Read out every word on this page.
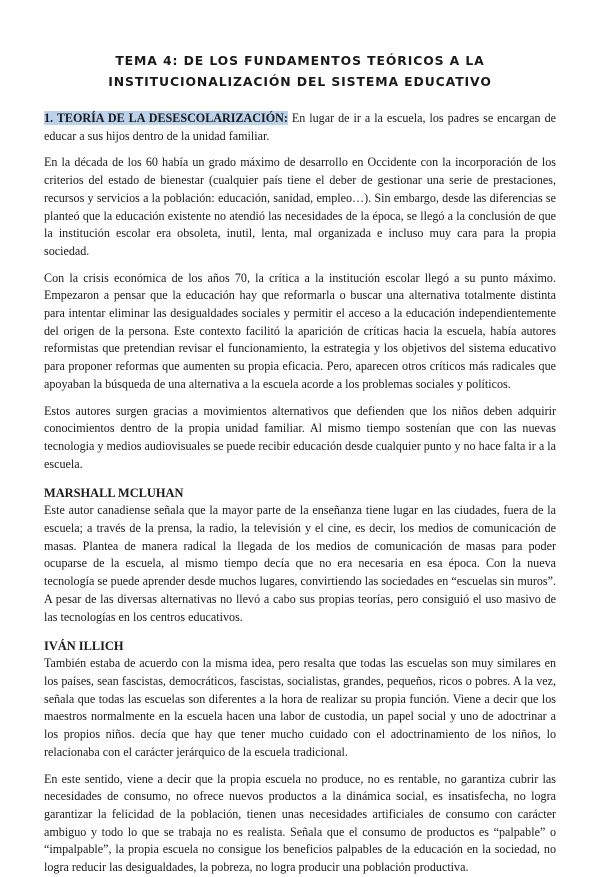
TEMA 4: DE LOS FUNDAMENTOS TEÓRICOS A LA
INSTITUCIONALIZACIÓN DEL SISTEMA EDUCATIVO

1. TEORÍA DE LA DESESCOLARIZACIÓN: En lugar de ir a la escuela, los padres se encargan de educar a sus hijos dentro de la unidad familiar.

En la década de los 60 había un grado máximo de desarrollo en Occidente con la incorporación de los criterios del estado de bienestar (cualquier país tiene el deber de gestionar una serie de prestaciones, recursos y servicios a la población: educación, sanidad, empleo…). Sin embargo, desde las diferencias se planteó que la educación existente no atendió las necesidades de la época, se llegó a la conclusión de que la institución escolar era obsoleta, inutil, lenta, mal organizada e incluso muy cara para la propia sociedad.

Con la crisis económica de los años 70, la crítica a la institución escolar llegó a su punto máximo. Empezaron a pensar que la educación hay que reformarla o buscar una alternativa totalmente distinta para intentar eliminar las desigualdades sociales y permitir el acceso a la educación independientemente del origen de la persona. Este contexto facilitó la aparición de críticas hacia la escuela, había autores reformistas que pretendian revisar el funcionamiento, la estrategia y los objetivos del sistema educativo para proponer reformas que aumenten su propia eficacia. Pero, aparecen otros críticos más radicales que apoyaban la búsqueda de una alternativa a la escuela acorde a los problemas sociales y políticos.

Estos autores surgen gracias a movimientos alternativos que defienden que los niños deben adquirir conocimientos dentro de la propia unidad familiar. Al mismo tiempo sostenían que con las nuevas tecnologia y medios audiovisuales se puede recibir educación desde cualquier punto y no hace falta ir a la escuela.

MARSHALL MCLUHAN

Este autor canadiense señala que la mayor parte de la enseñanza tiene lugar en las ciudades, fuera de la escuela; a través de la prensa, la radio, la televisión y el cine, es decir, los medios de comunicación de masas. Plantea de manera radical la llegada de los medios de comunicación de masas para poder ocuparse de la escuela, al mismo tiempo decía que no era necesaria en esa época. Con la nueva tecnología se puede aprender desde muchos lugares, convirtiendo las sociedades en “escuelas sin muros”. A pesar de las diversas alternativas no llevó a cabo sus propias teorías, pero consiguió el uso masivo de las tecnologías en los centros educativos.

IVÁN ILLICH

También estaba de acuerdo con la misma idea, pero resalta que todas las escuelas son muy similares en los países, sean fascistas, democráticos, fascistas, socialistas, grandes, pequeños, ricos o pobres. A la vez, señala que todas las escuelas son diferentes a la hora de realizar su propia función. Viene a decir que los maestros normalmente en la escuela hacen una labor de custodia, un papel social y uno de adoctrinar a los propios niños. decía que hay que tener mucho cuidado con el adoctrinamiento de los niños, lo relacionaba con el carácter jerárquico de la escuela tradicional.

En este sentido, viene a decir que la propia escuela no produce, no es rentable, no garantiza cubrir las necesidades de consumo, no ofrece nuevos productos a la dinámica social, es insatisfecha, no logra garantizar la felicidad de la población, tienen unas necesidades artificiales de consumo con carácter ambiguo y todo lo que se trabaja no es realista. Señala que el consumo de productos es “palpable” o “impalpable”, la propia escuela no consigue los beneficios palpables de la educación en la sociedad, no logra reducir las desigualdades, la pobreza, no logra producir una población productiva.
